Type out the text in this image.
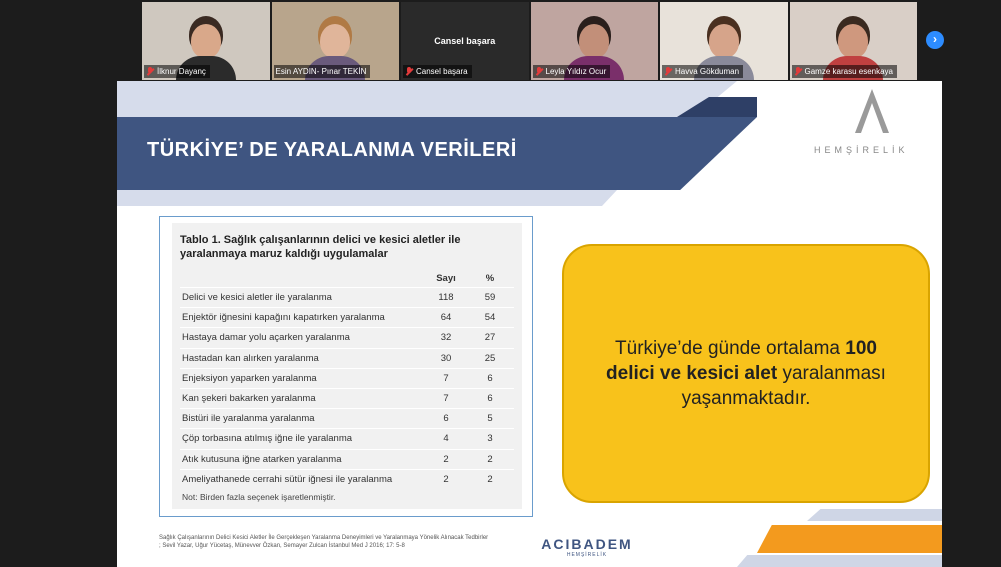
İlknur Dayanç	Esin AYDIN- Pınar TEKİN
Cansel başara
Cansel başara	Leyla Yıldız Ocur	Havva Gökduman	Gamze karasu esenkaya
›
TÜRKİYE’ DE YARALANMA VERİLERİ	HEMŞİRELİK
Tablo 1. Sağlık çalışanlarının delici ve kesici aletler ile yaralanmaya maruz kaldığı uygulamalar
Sayı	%
Delici ve kesici aletler ile yaralanma	118	59
Enjektör iğnesini kapağını kapatırken yaralanma	64	54
Hastaya damar yolu açarken yaralanma	32	27
Hastadan kan alırken yaralanma	30	25
Enjeksiyon yaparken yaralanma	7	6
Kan şekeri bakarken yaralanma	7	6
Bistüri ile yaralanma yaralanma	6	5
Çöp torbasına atılmış iğne ile yaralanma	4	3
Atık kutusuna iğne atarken yaralanma	2	2
Ameliyathanede cerrahi sütür iğnesi ile yaralanma	2	2
Not: Birden fazla seçenek işaretlenmiştir.

Türkiye’de günde ortalama 100 delici ve kesici alet yaralanması yaşanmaktadır.

Sağlık Çalışanlarının Delici Kesici Aletler İle Gerçekleşen Yaralanma Deneyimleri ve Yaralanmaya Yönelik Alınacak Tedbirler ; Sevil Yazar, Uğur Yücetaş, Münevver Özkan, Semayer Zulcan İstanbul Med J 2016; 17: 5-8	ACIBADEM
HEMŞİRELİK
